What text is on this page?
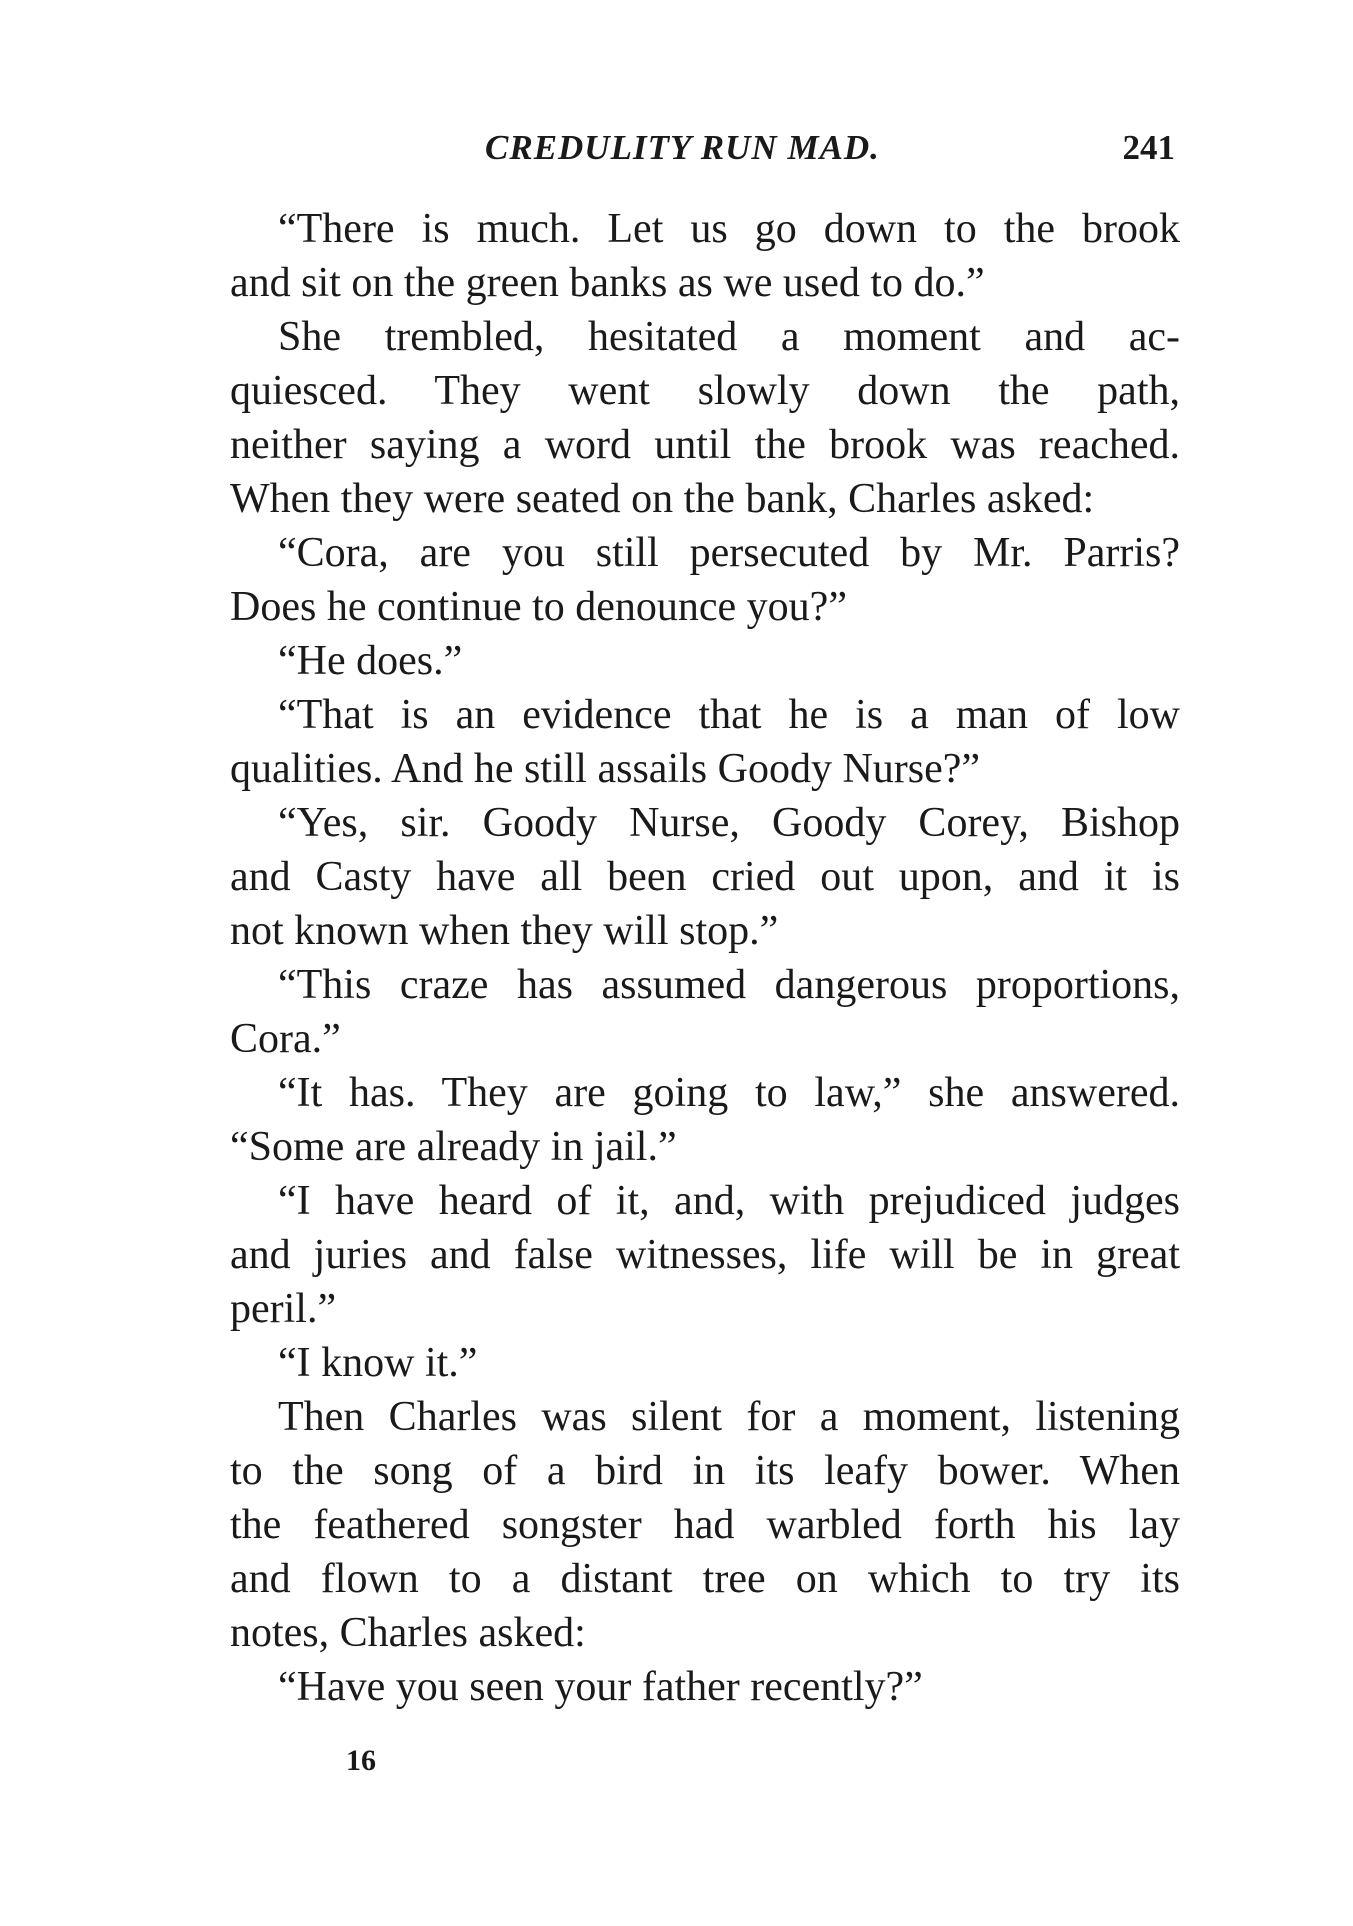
CREDULITY RUN MAD.	241
“There is much. Let us go down to the brook
and sit on the green banks as we used to do.”
She trembled, hesitated a moment and ac-
quiesced. They went slowly down the path,
neither saying a word until the brook was reached.
When they were seated on the bank, Charles asked:
“Cora, are you still persecuted by Mr. Parris?
Does he continue to denounce you?”
“He does.”
“That is an evidence that he is a man of low
qualities. And he still assails Goody Nurse?”
“Yes, sir. Goody Nurse, Goody Corey, Bishop
and Casty have all been cried out upon, and it is
not known when they will stop.”
“This craze has assumed dangerous proportions,
Cora.”
“It has. They are going to law,” she answered.
“Some are already in jail.”
“I have heard of it, and, with prejudiced judges
and juries and false witnesses, life will be in great
peril.”
“I know it.”
Then Charles was silent for a moment, listening
to the song of a bird in its leafy bower. When
the feathered songster had warbled forth his lay
and flown to a distant tree on which to try its
notes, Charles asked:
“Have you seen your father recently?”
16
